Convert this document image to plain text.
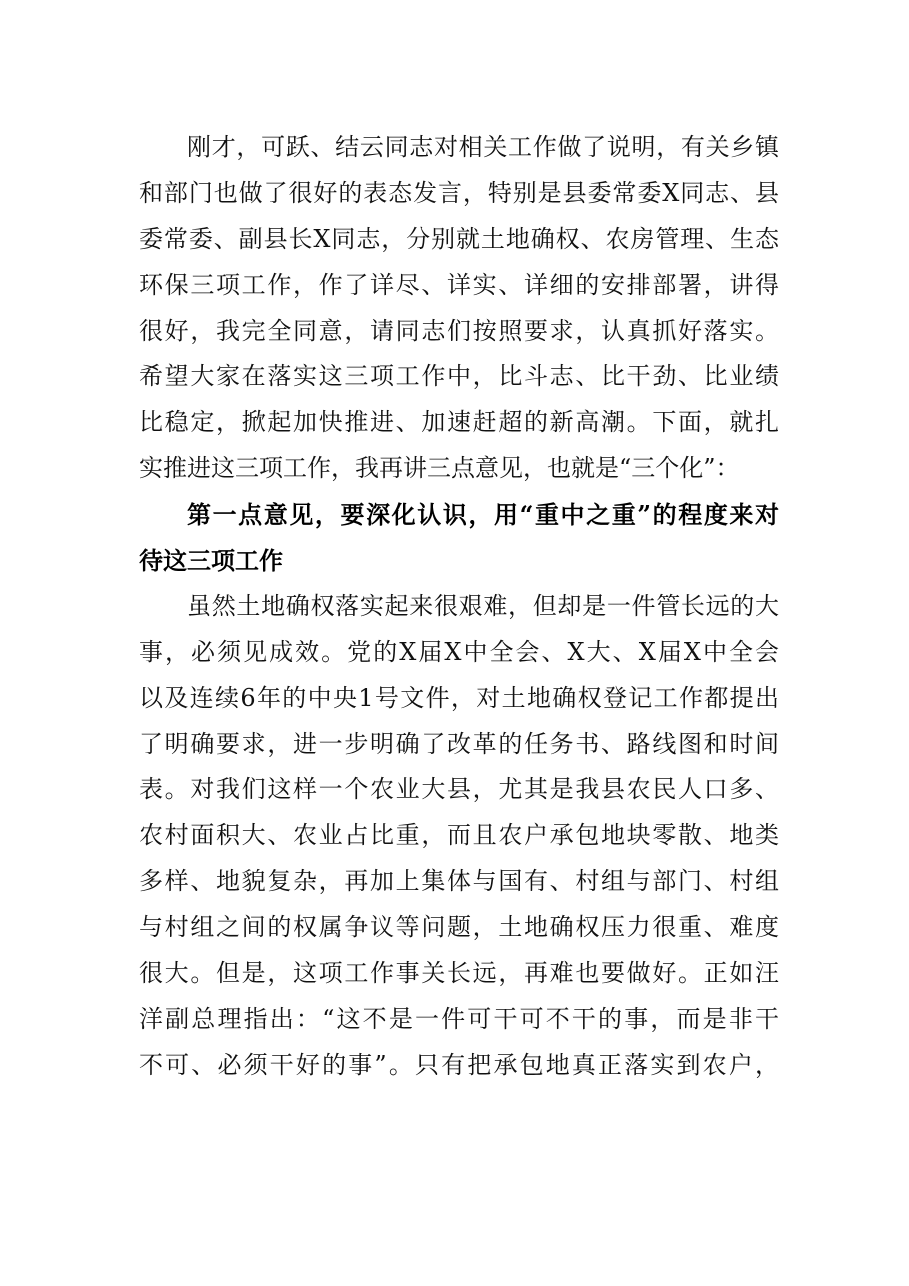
刚才，可跃、结云同志对相关工作做了说明，有关乡镇
和部门也做了很好的表态发言，特别是县委常委X同志、县
委常委、副县长X同志，分别就土地确权、农房管理、生态
环保三项工作，作了详尽、详实、详细的安排部署，讲得
很好，我完全同意，请同志们按照要求，认真抓好落实。
希望大家在落实这三项工作中，比斗志、比干劲、比业绩
比稳定，掀起加快推进、加速赶超的新高潮。下面，就扎
实推进这三项工作，我再讲三点意见，也就是“三个化”：
第一点意见，要深化认识，用“重中之重”的程度来对
待这三项工作
虽然土地确权落实起来很艰难，但却是一件管长远的大
事，必须见成效。党的X届X中全会、X大、X届X中全会
以及连续6年的中央1号文件，对土地确权登记工作都提出
了明确要求，进一步明确了改革的任务书、路线图和时间
表。对我们这样一个农业大县，尤其是我县农民人口多、
农村面积大、农业占比重，而且农户承包地块零散、地类
多样、地貌复杂，再加上集体与国有、村组与部门、村组
与村组之间的权属争议等问题，土地确权压力很重、难度
很大。但是，这项工作事关长远，再难也要做好。正如汪
洋副总理指出：“这不是一件可干可不干的事，而是非干
不可、必须干好的事”。只有把承包地真正落实到农户，
